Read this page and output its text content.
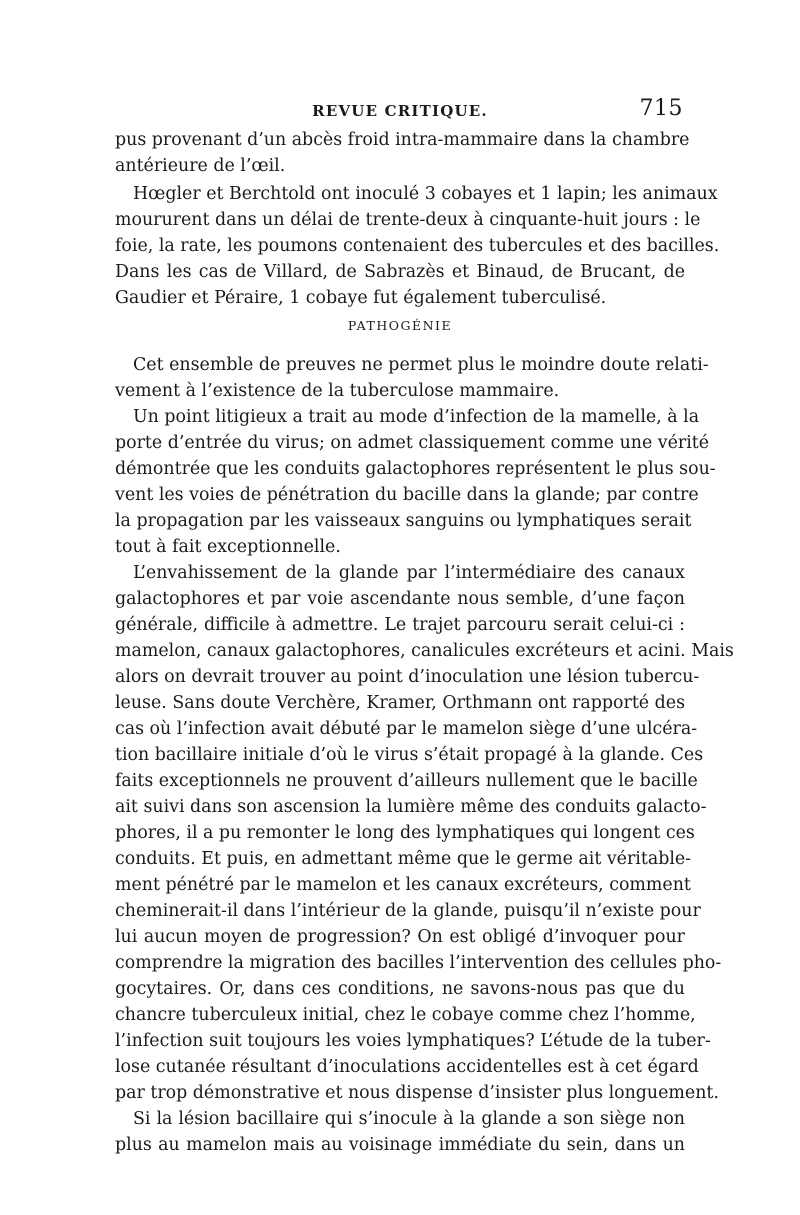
REVUE CRITIQUE.	715
pus provenant d’un abcès froid intra-mammaire dans la chambre
antérieure de l’œil.
Hœgler et Berchtold ont inoculé 3 cobayes et 1 lapin; les animaux
moururent dans un délai de trente-deux à cinquante-huit jours : le
foie, la rate, les poumons contenaient des tubercules et des bacilles.
Dans les cas de Villard, de Sabrazès et Binaud, de Brucant, de
Gaudier et Péraire, 1 cobaye fut également tuberculisé.
PATHOGÉNIE
Cet ensemble de preuves ne permet plus le moindre doute relati-
vement à l’existence de la tuberculose mammaire.
Un point litigieux a trait au mode d’infection de la mamelle, à la
porte d’entrée du virus; on admet classiquement comme une vérité
démontrée que les conduits galactophores représentent le plus sou-
vent les voies de pénétration du bacille dans la glande; par contre
la propagation par les vaisseaux sanguins ou lymphatiques serait
tout à fait exceptionnelle.
L’envahissement de la glande par l’intermédiaire des canaux
galactophores et par voie ascendante nous semble, d’une façon
générale, difficile à admettre. Le trajet parcouru serait celui-ci :
mamelon, canaux galactophores, canalicules excréteurs et acini. Mais
alors on devrait trouver au point d’inoculation une lésion tubercu-
leuse. Sans doute Verchère, Kramer, Orthmann ont rapporté des
cas où l’infection avait débuté par le mamelon siège d’une ulcéra-
tion bacillaire initiale d’où le virus s’était propagé à la glande. Ces
faits exceptionnels ne prouvent d’ailleurs nullement que le bacille
ait suivi dans son ascension la lumière même des conduits galacto-
phores, il a pu remonter le long des lymphatiques qui longent ces
conduits. Et puis, en admettant même que le germe ait véritable-
ment pénétré par le mamelon et les canaux excréteurs, comment
cheminerait-il dans l’intérieur de la glande, puisqu’il n’existe pour
lui aucun moyen de progression? On est obligé d’invoquer pour
comprendre la migration des bacilles l’intervention des cellules pho-
gocytaires. Or, dans ces conditions, ne savons-nous pas que du
chancre tuberculeux initial, chez le cobaye comme chez l’homme,
l’infection suit toujours les voies lymphatiques? L’étude de la tuber-
lose cutanée résultant d’inoculations accidentelles est à cet égard
par trop démonstrative et nous dispense d’insister plus longuement.
Si la lésion bacillaire qui s’inocule à la glande a son siège non
plus au mamelon mais au voisinage immédiate du sein, dans un
